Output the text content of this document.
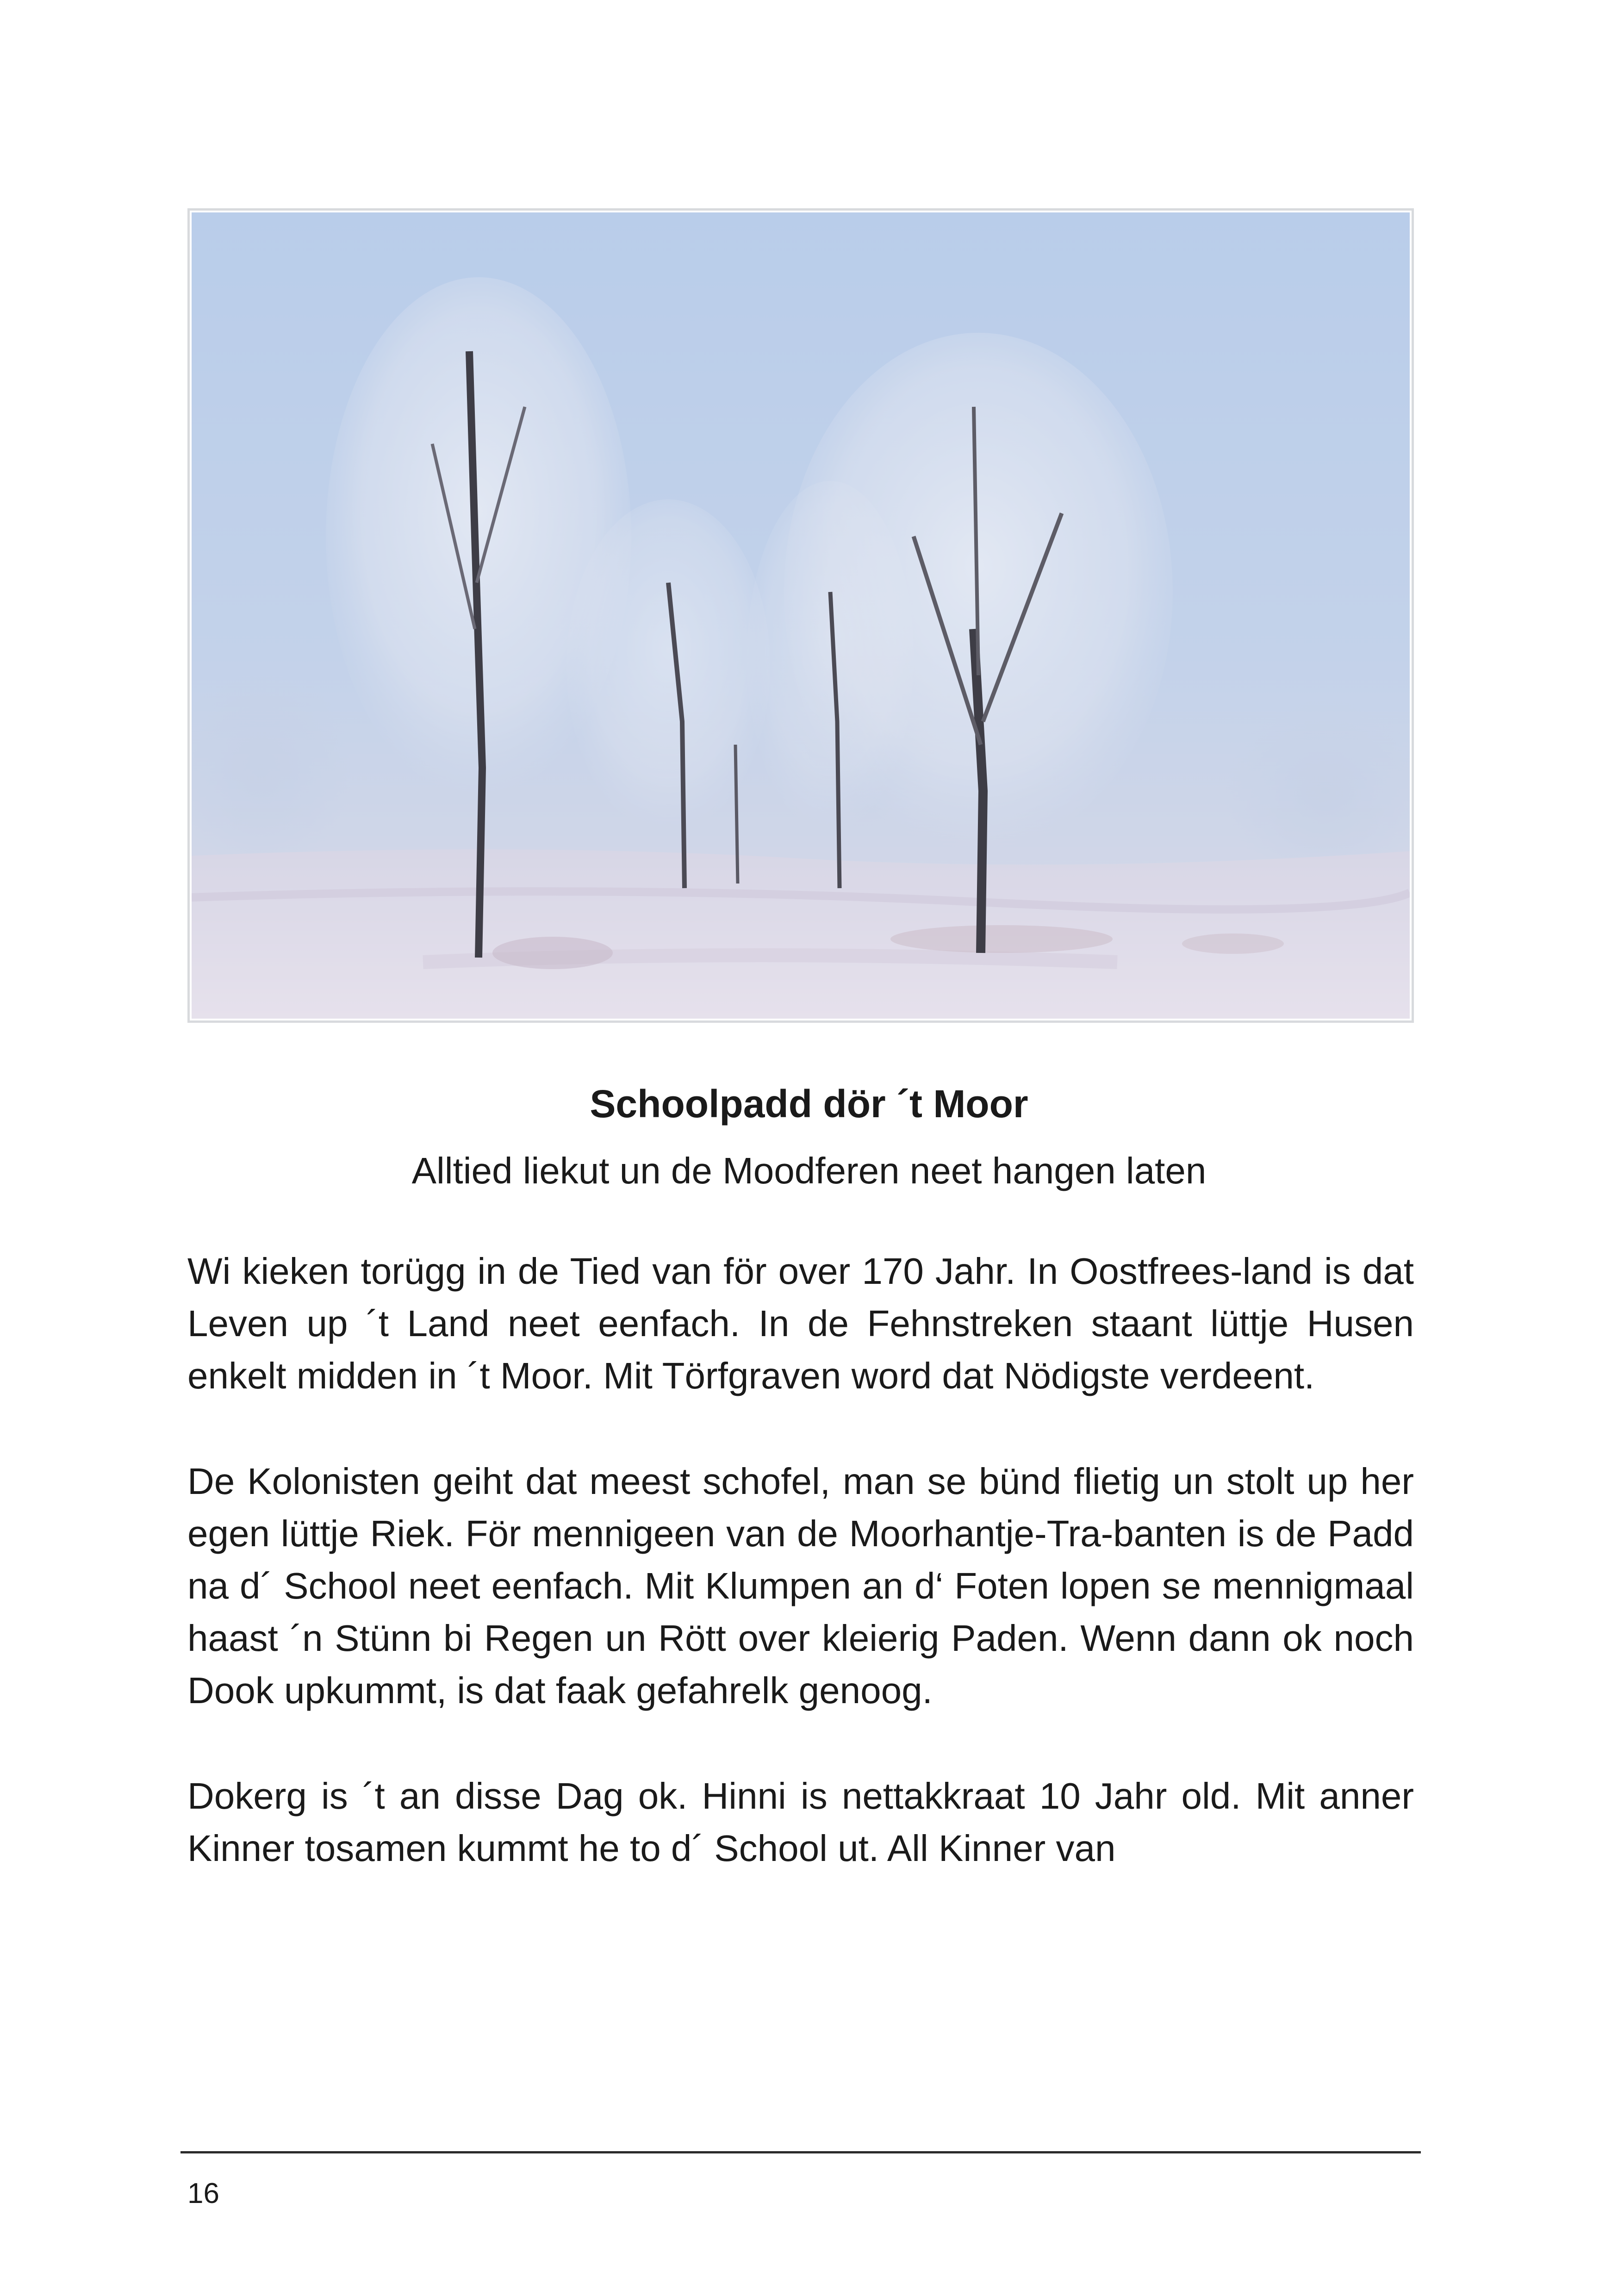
Schoolpadd dör ´t Moor
Alltied liekut un de Moodferen neet hangen laten

Wi kieken torügg in de Tied van för over 170 Jahr. In Oostfrees-land is dat Leven up ´t Land neet eenfach. In de Fehnstreken staant lüttje Husen enkelt midden in ´t Moor. Mit Törfgraven word dat Nödigste verdeent.

De Kolonisten geiht dat meest schofel, man se bünd flietig un stolt up her egen lüttje Riek. För mennigeen van de Moorhantje-Tra-banten is de Padd na d´ School neet eenfach. Mit Klumpen an d‘ Foten lopen se mennigmaal haast ´n Stünn bi Regen un Rött over kleierig Paden. Wenn dann ok noch Dook upkummt, is dat faak gefahrelk genoog.

Dokerg is ´t an disse Dag ok. Hinni is nettakkraat 10 Jahr old. Mit anner Kinner tosamen kummt he to d´ School ut. All Kinner van

16
